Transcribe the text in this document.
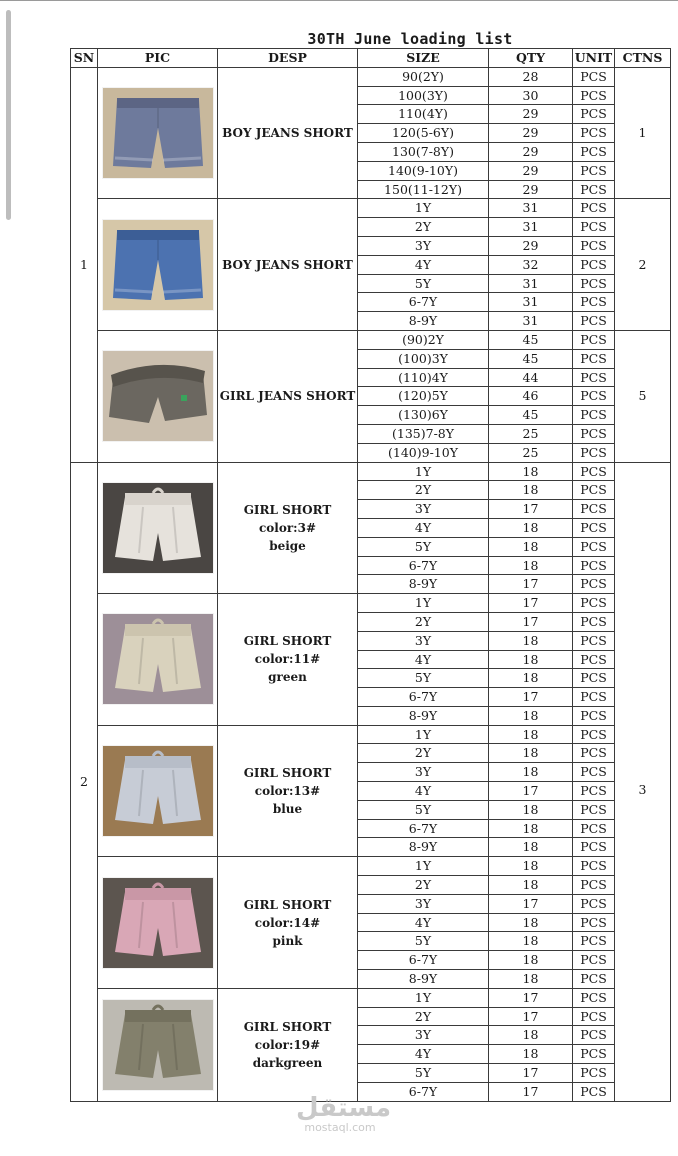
30TH June loading list
SN	PIC	DESP	SIZE	QTY	UNIT	CTNS
1		BOY JEANS SHORT	90(2Y)	28	PCS	1
			100(3Y)	30	PCS	
			110(4Y)	29	PCS	
			120(5-6Y)	29	PCS	
			130(7-8Y)	29	PCS	
			140(9-10Y)	29	PCS	
			150(11-12Y)	29	PCS	

BOY JEANS SHORT	1Y	31	PCS	2
			2Y	31	PCS	
			3Y	29	PCS	
			4Y	32	PCS	
			5Y	31	PCS	
			6-7Y	31	PCS	
			8-9Y	31	PCS	

GIRL JEANS SHORT	(90)2Y	45	PCS	5
			(100)3Y	45	PCS	
			(110)4Y	44	PCS	
			(120)5Y	46	PCS	
			(130)6Y	45	PCS	
			(135)7-8Y	25	PCS	
			(140)9-10Y	25	PCS	
2		GIRL SHORT
color:3#
beige	1Y	18	PCS	3

			2Y	18	PCS	
			3Y	17	PCS	
			4Y	18	PCS	
			5Y	18	PCS	
			6-7Y	18	PCS	
			8-9Y	17	PCS	

GIRL SHORT
color:11#
green	1Y	17	PCS	
			2Y	17	PCS	
			3Y	18	PCS	
			4Y	18	PCS	
			5Y	18	PCS	
			6-7Y	17	PCS	
			8-9Y	18	PCS	

GIRL SHORT
color:13#
blue	1Y	18	PCS	
			2Y	18	PCS	
			3Y	18	PCS	
			4Y	17	PCS	
			5Y	18	PCS	
			6-7Y	18	PCS	
			8-9Y	18	PCS	

GIRL SHORT
color:14#
pink	1Y	18	PCS	
			2Y	18	PCS	
			3Y	17	PCS	
			4Y	18	PCS	
			5Y	18	PCS	
			6-7Y	18	PCS	
			8-9Y	18	PCS	

GIRL SHORT
color:19#
darkgreen	1Y	17	PCS	
			2Y	17	PCS	
			3Y	18	PCS	
			4Y	18	PCS	
			5Y	17	PCS	
			6-7Y	17	PCS	
مستقل
mostaql.com
